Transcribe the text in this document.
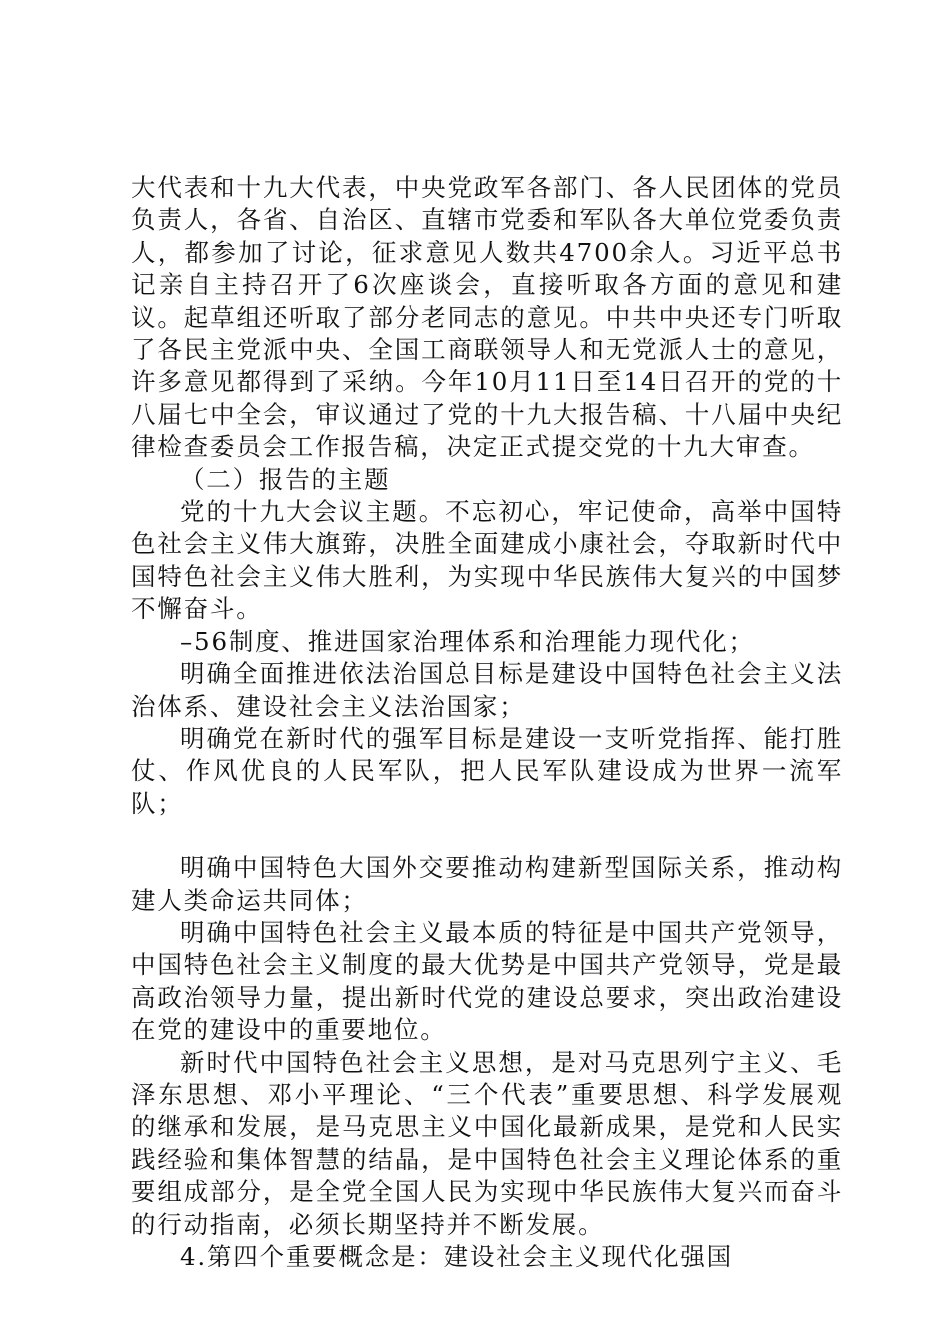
大代表和十九大代表，中央党政军各部门、各人民团体的党员负责人，各省、自治区、直辖市党委和军队各大单位党委负责人，都参加了讨论，征求意见人数共4700余人。习近平总书记亲自主持召开了6次座谈会，直接听取各方面的意见和建议。起草组还听取了部分老同志的意见。中共中央还专门听取了各民主党派中央、全国工商联领导人和无党派人士的意见，许多意见都得到了采纳。今年10月11日至14日召开的党的十八届七中全会，审议通过了党的十九大报告稿、十八届中央纪律检查委员会工作报告稿，决定正式提交党的十九大审查。

（二）报告的主题

党的十九大会议主题。不忘初心，牢记使命，高举中国特色社会主义伟大旗臶，决胜全面建成小康社会，夺取新时代中国特色社会主义伟大胜利，为实现中华民族伟大复兴的中国梦不懈奋斗。

–56制度、推进国家治理体系和治理能力现代化；

明确全面推进依法治国总目标是建设中国特色社会主义法治体系、建设社会主义法治国家；

明确党在新时代的强军目标是建设一支听党指挥、能打胜仗、作风优良的人民军队，把人民军队建设成为世界一流军队；

明确中国特色大国外交要推动构建新型国际关系，推动构建人类命运共同体；

明确中国特色社会主义最本质的特征是中国共产党领导，中国特色社会主义制度的最大优势是中国共产党领导，党是最高政治领导力量，提出新时代党的建设总要求，突出政治建设在党的建设中的重要地位。

新时代中国特色社会主义思想，是对马克思列宁主义、毛泽东思想、邓小平理论、“三个代表”重要思想、科学发展观的继承和发展，是马克思主义中国化最新成果，是党和人民实践经验和集体智慧的结晶，是中国特色社会主义理论体系的重要组成部分，是全党全国人民为实现中华民族伟大复兴而奋斗的行动指南，必须长期坚持并不断发展。

4.第四个重要概念是：建设社会主义现代化强国
